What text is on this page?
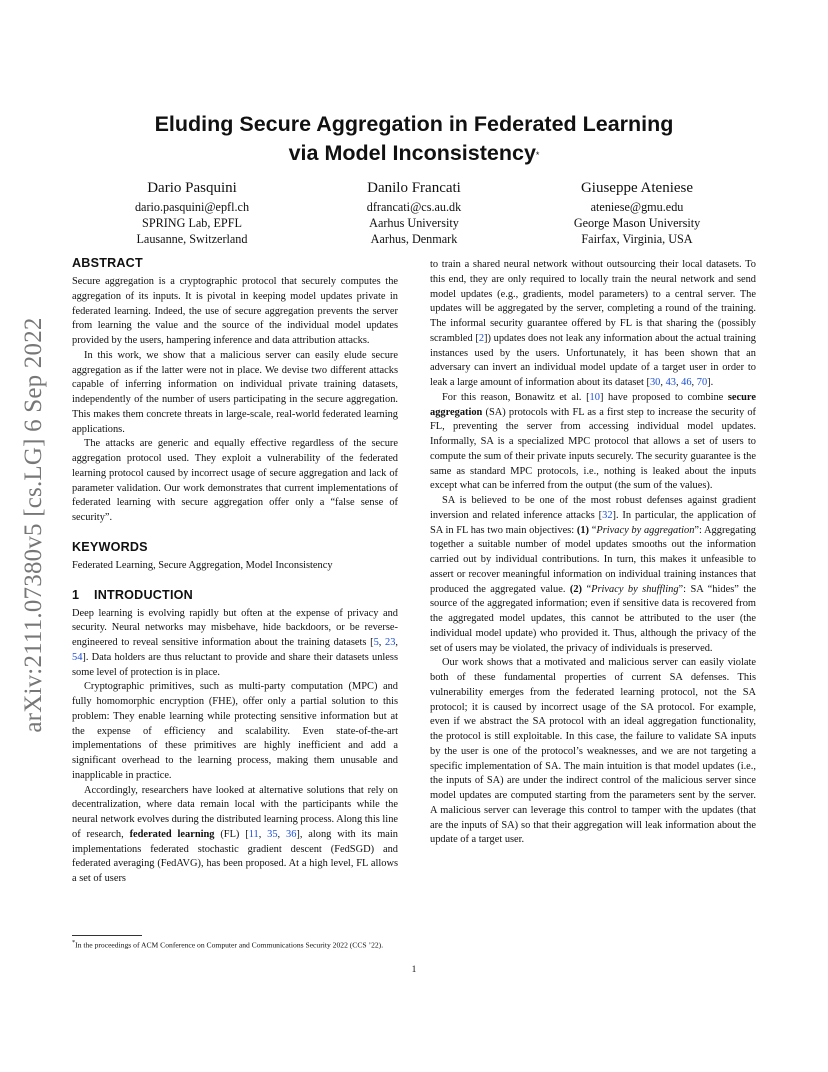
arXiv:2111.07380v5 [cs.LG] 6 Sep 2022
Eluding Secure Aggregation in Federated Learning
via Model Inconsistency*
Dario Pasquini
dario.pasquini@epfl.ch
SPRING Lab, EPFL
Lausanne, Switzerland
Danilo Francati
dfrancati@cs.au.dk
Aarhus University
Aarhus, Denmark
Giuseppe Ateniese
ateniese@gmu.edu
George Mason University
Fairfax, Virginia, USA
ABSTRACT

Secure aggregation is a cryptographic protocol that securely computes the aggregation of its inputs. It is pivotal in keeping model updates private in federated learning. Indeed, the use of secure aggregation prevents the server from learning the value and the source of the individual model updates provided by the users, hampering inference and data attribution attacks.

In this work, we show that a malicious server can easily elude secure aggregation as if the latter were not in place. We devise two different attacks capable of inferring information on individual private training datasets, independently of the number of users participating in the secure aggregation. This makes them concrete threats in large-scale, real-world federated learning applications.

The attacks are generic and equally effective regardless of the secure aggregation protocol used. They exploit a vulnerability of the federated learning protocol caused by incorrect usage of secure aggregation and lack of parameter validation. Our work demonstrates that current implementations of federated learning with secure aggregation offer only a “false sense of security”.

KEYWORDS

Federated Learning, Secure Aggregation, Model Inconsistency

1 INTRODUCTION

Deep learning is evolving rapidly but often at the expense of privacy and security. Neural networks may misbehave, hide backdoors, or be reverse-engineered to reveal sensitive information about the training datasets [5, 23, 54]. Data holders are thus reluctant to provide and share their datasets unless some level of protection is in place.

Cryptographic primitives, such as multi-party computation (MPC) and fully homomorphic encryption (FHE), offer only a partial solution to this problem: They enable learning while protecting sensitive information but at the expense of efficiency and scalability. Even state-of-the-art implementations of these primitives are highly inefficient and add a significant overhead to the learning process, making them unusable and inapplicable in practice.

Accordingly, researchers have looked at alternative solutions that rely on decentralization, where data remain local with the participants while the neural network evolves during the distributed learning process. Along this line of research, federated learning (FL) [11, 35, 36], along with its main implementations federated stochastic gradient descent (FedSGD) and federated averaging (FedAVG), has been proposed. At a high level, FL allows a set of users

to train a shared neural network without outsourcing their local datasets. To this end, they are only required to locally train the neural network and send model updates (e.g., gradients, model parameters) to a central server. The updates will be aggregated by the server, completing a round of the training. The informal security guarantee offered by FL is that sharing the (possibly scrambled [2]) updates does not leak any information about the actual training instances used by the users. Unfortunately, it has been shown that an adversary can invert an individual model update of a target user in order to leak a large amount of information about its dataset [30, 43, 46, 70].

For this reason, Bonawitz et al. [10] have proposed to combine secure aggregation (SA) protocols with FL as a first step to increase the security of FL, preventing the server from accessing individual model updates. Informally, SA is a specialized MPC protocol that allows a set of users to compute the sum of their private inputs securely. The security guarantee is the same as standard MPC protocols, i.e., nothing is leaked about the inputs except what can be inferred from the output (the sum of the values).

SA is believed to be one of the most robust defenses against gradient inversion and related inference attacks [32]. In particular, the application of SA in FL has two main objectives: (1) “Privacy by aggregation”: Aggregating together a suitable number of model updates smooths out the information carried out by individual contributions. In turn, this makes it unfeasible to assert or recover meaningful information on individual training instances that produced the aggregated value. (2) “Privacy by shuffling”: SA “hides” the source of the aggregated information; even if sensitive data is recovered from the aggregated model updates, this cannot be attributed to the user (the individual model update) who provided it. Thus, although the privacy of the set of users may be violated, the privacy of individuals is preserved.

Our work shows that a motivated and malicious server can easily violate both of these fundamental properties of current SA defenses. This vulnerability emerges from the federated learning protocol, not the SA protocol; it is caused by incorrect usage of the SA protocol. For example, even if we abstract the SA protocol with an ideal aggregation functionality, the protocol is still exploitable. In this case, the failure to validate SA inputs by the user is one of the protocol’s weaknesses, and we are not targeting a specific implementation of SA. The main intuition is that model updates (i.e., the inputs of SA) are under the indirect control of the malicious server since model updates are computed starting from the parameters sent by the server. A malicious server can leverage this control to tamper with the updates (that are the inputs of SA) so that their aggregation will leak information about the update of a target user.

*In the proceedings of ACM Conference on Computer and Communications Security 2022 (CCS ’22).
1
